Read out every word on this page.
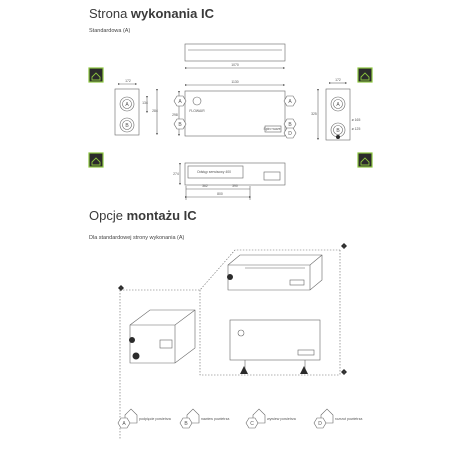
Strona wykonania IC
Standardowa (A)
Opcje montażu IC
Dla standardowej strony wykonania (A)
1070
1130
298
172
134
284
172
325
ø 165
ø 125
274
362	390
800
Spiro·wave
Odstęp serwisowy 400
FLOWAIR
A
B
A
B
A
B
A
B
D
A	B	C	D
1
2
3
podpięcie powietrza	nawiew powietrza	wywiew powietrza	rozrzut powietrza
